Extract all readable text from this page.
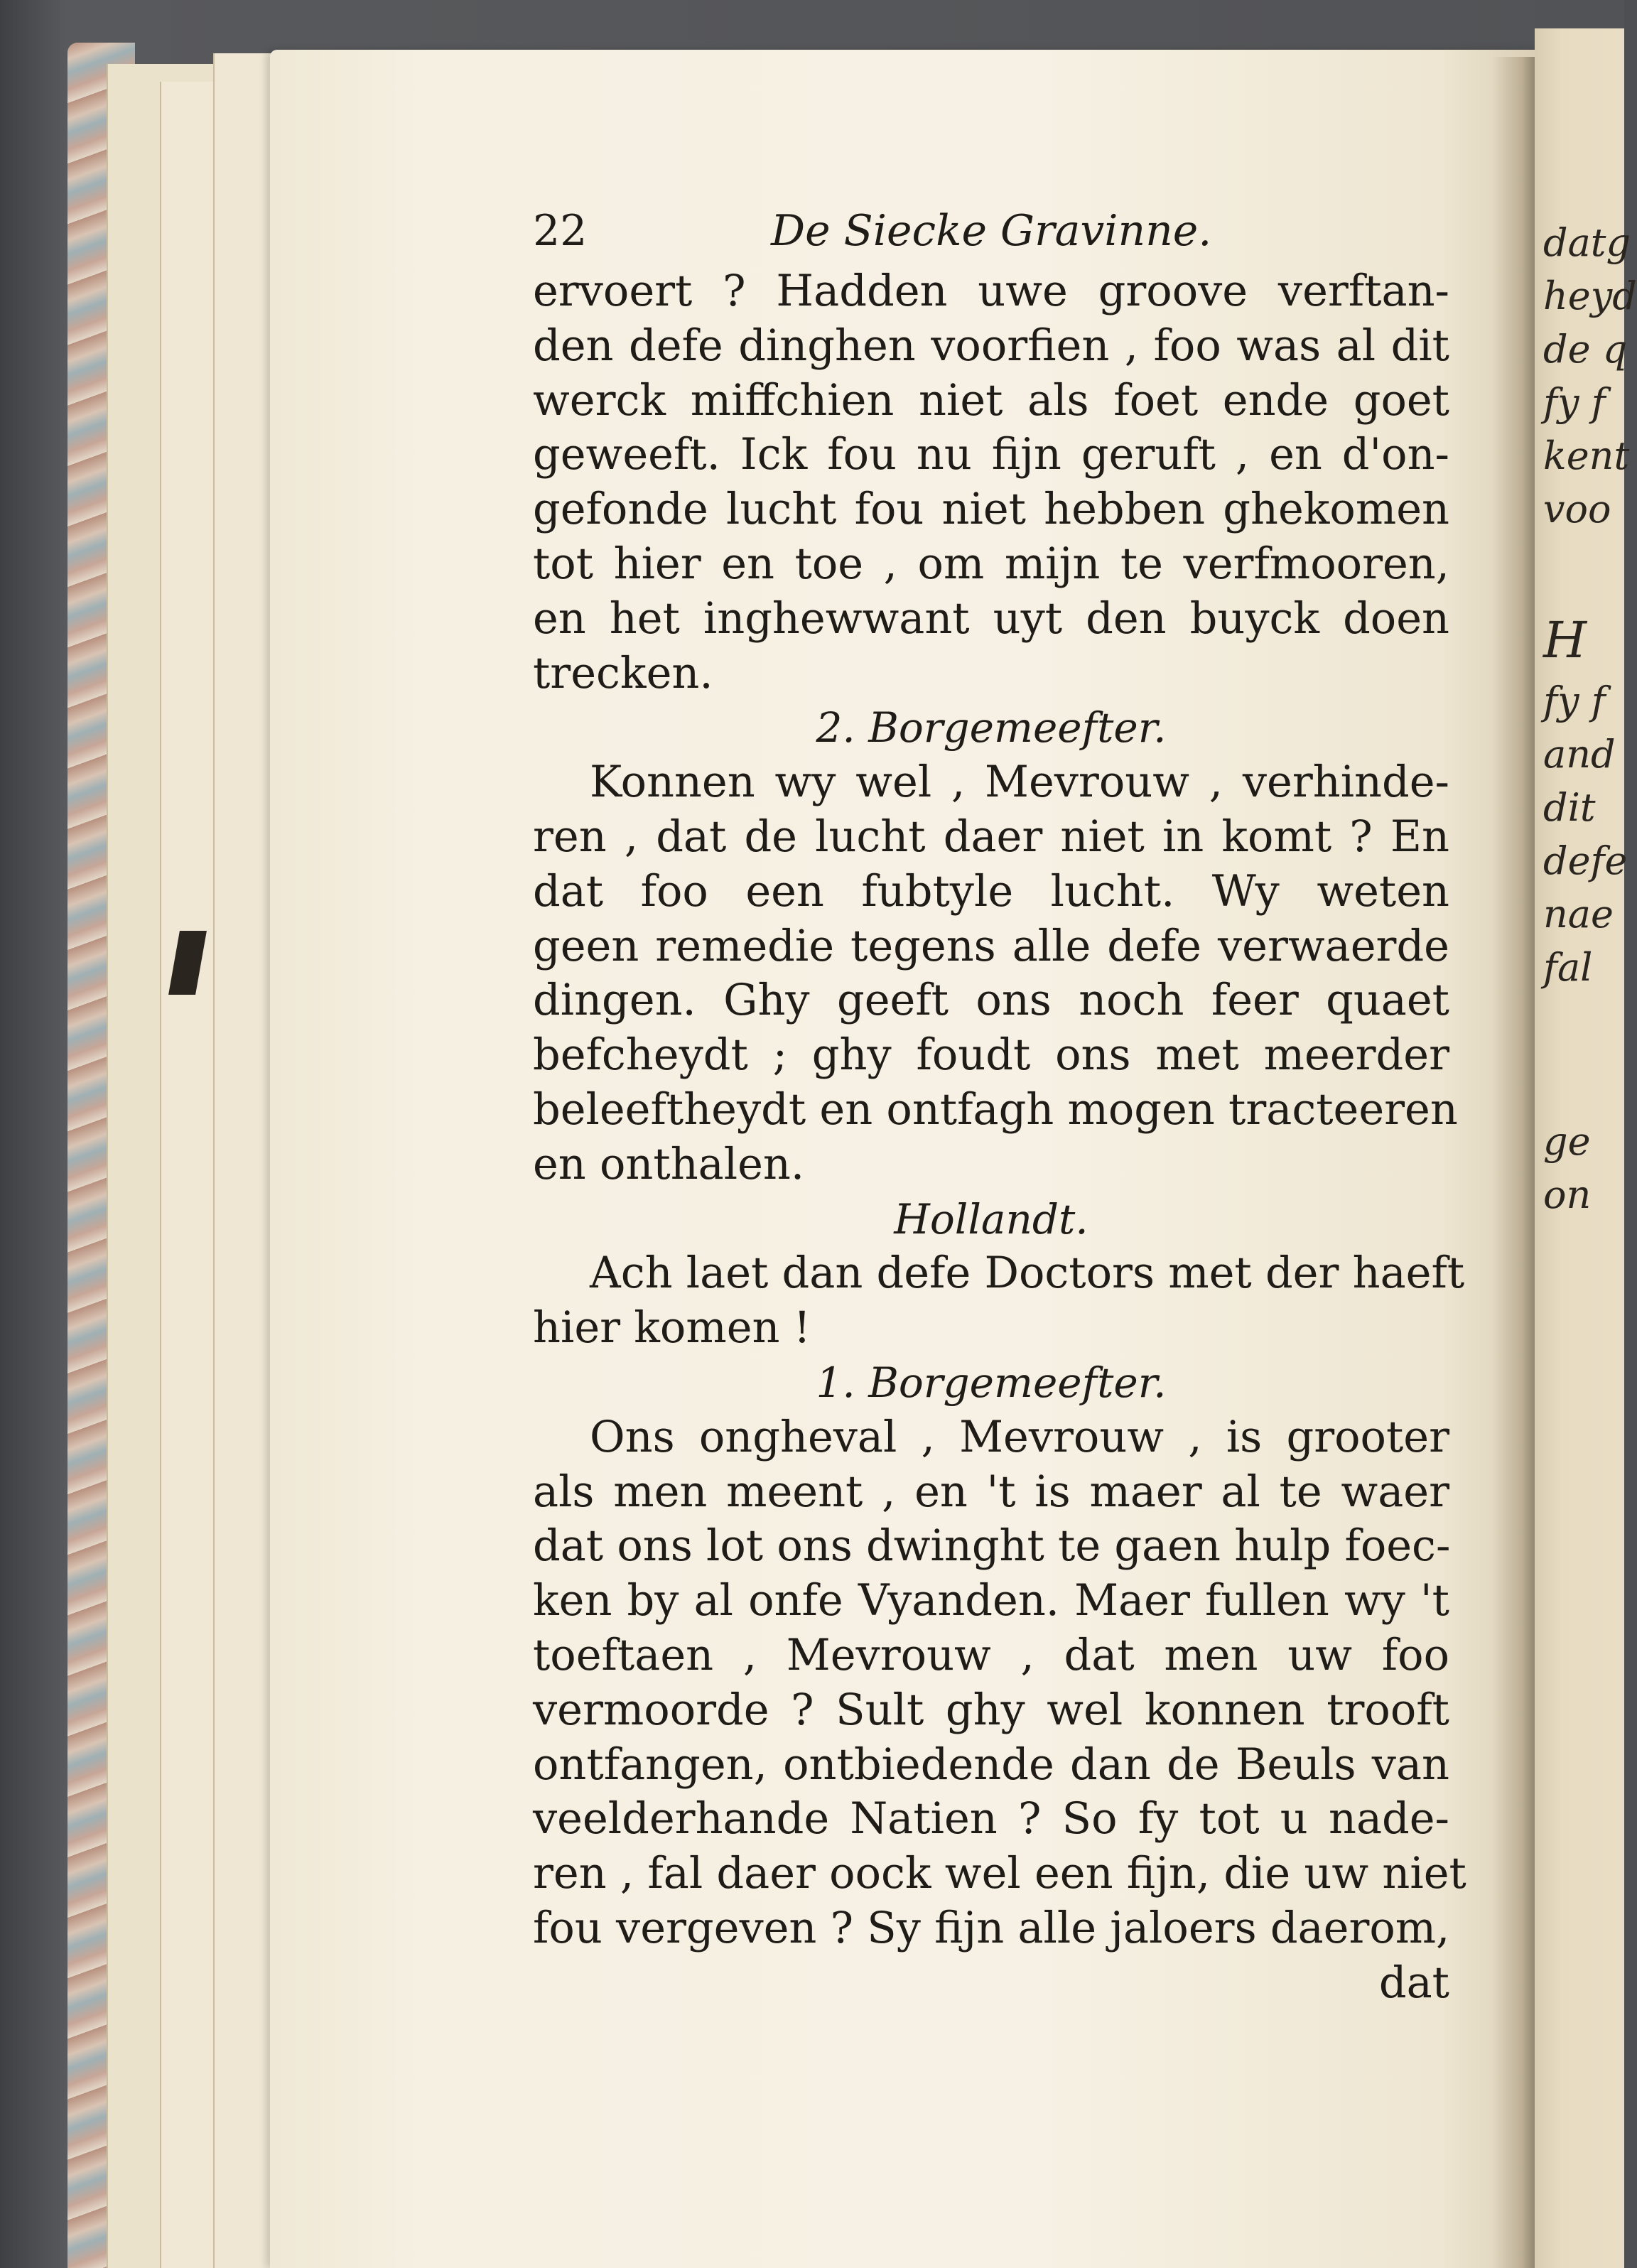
datg
heyd
de q
fy f
kent
voo
H
fy f
and
dit
defe
nae
fal
ge
on
22	De Siecke Gravinne.
ervoert ? Hadden uwe groove verftan-
den defe dinghen voorfien , foo was al dit
werck miffchien niet als foet ende goet
geweeft. Ick fou nu fijn geruft , en d'on-
gefonde lucht fou niet hebben ghekomen
tot hier en toe , om mijn te verfmooren,
en het inghewwant uyt den buyck doen
trecken.
2. Borgemeefter.
Konnen wy wel , Mevrouw , verhinde-
ren , dat de lucht daer niet in komt ? En
dat foo een fubtyle lucht. Wy weten
geen remedie tegens alle defe verwaerde
dingen. Ghy geeft ons noch feer quaet
befcheydt ; ghy foudt ons met meerder
beleeftheydt en ontfagh mogen tracteeren
en onthalen.
Hollandt.
Ach laet dan defe Doctors met der haeft
hier komen !
1. Borgemeefter.
Ons ongheval , Mevrouw , is grooter
als men meent , en 't is maer al te waer
dat ons lot ons dwinght te gaen hulp foec-
ken by al onfe Vyanden. Maer fullen wy 't
toeftaen , Mevrouw , dat men uw foo
vermoorde ? Sult ghy wel konnen trooft
ontfangen, ontbiedende dan de Beuls van
veelderhande Natien ? So fy tot u nade-
ren , fal daer oock wel een fijn, die uw niet
fou vergeven ? Sy fijn alle jaloers daerom,
dat
